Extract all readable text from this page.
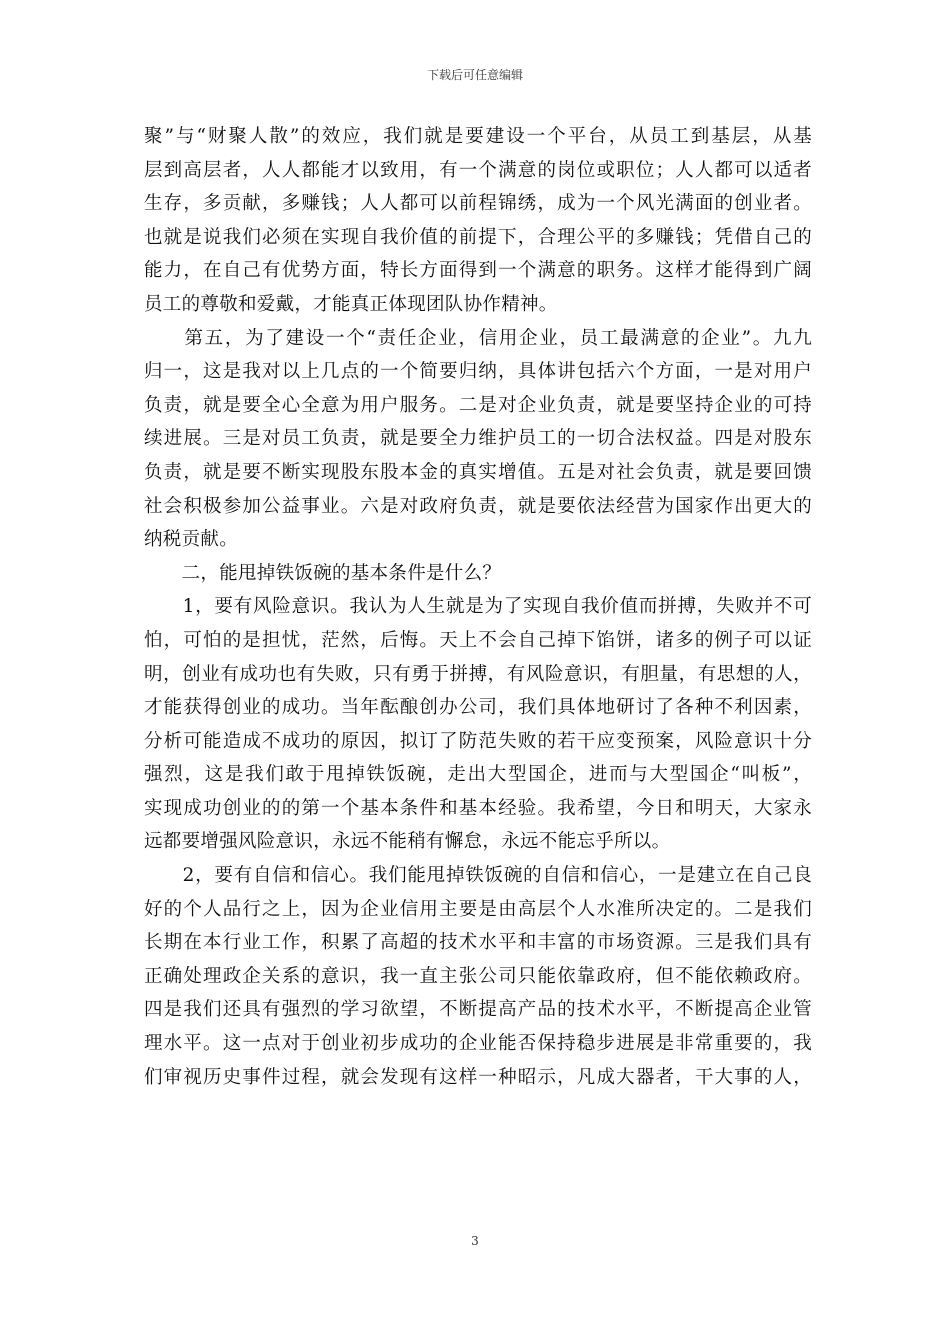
下载后可任意编辑
聚”与“财聚人散”的效应，我们就是要建设一个平台，从员工到基层，从基
层到高层者，人人都能才以致用，有一个满意的岗位或职位；人人都可以适者
生存，多贡献，多赚钱；人人都可以前程锦绣，成为一个风光满面的创业者。
也就是说我们必须在实现自我价值的前提下，合理公平的多赚钱；凭借自己的
能力，在自己有优势方面，特长方面得到一个满意的职务。这样才能得到广阔
员工的尊敬和爱戴，才能真正体现团队协作精神。
　　第五，为了建设一个“责任企业，信用企业，员工最满意的企业”。九九
归一，这是我对以上几点的一个简要归纳，具体讲包括六个方面，一是对用户
负责，就是要全心全意为用户服务。二是对企业负责，就是要坚持企业的可持
续进展。三是对员工负责，就是要全力维护员工的一切合法权益。四是对股东
负责，就是要不断实现股东股本金的真实增值。五是对社会负责，就是要回馈
社会积极参加公益事业。六是对政府负责，就是要依法经营为国家作出更大的
纳税贡献。
　　二，能甩掉铁饭碗的基本条件是什么？
　　1，要有风险意识。我认为人生就是为了实现自我价值而拼搏，失败并不可
怕，可怕的是担忧，茫然，后悔。天上不会自己掉下馅饼，诸多的例子可以证
明，创业有成功也有失败，只有勇于拼搏，有风险意识，有胆量，有思想的人，
才能获得创业的成功。当年酝酿创办公司，我们具体地研讨了各种不利因素，
分析可能造成不成功的原因，拟订了防范失败的若干应变预案，风险意识十分
强烈，这是我们敢于甩掉铁饭碗，走出大型国企，进而与大型国企“叫板”，
实现成功创业的的第一个基本条件和基本经验。我希望，今日和明天，大家永
远都要增强风险意识，永远不能稍有懈怠，永远不能忘乎所以。
　　2，要有自信和信心。我们能甩掉铁饭碗的自信和信心，一是建立在自己良
好的个人品行之上，因为企业信用主要是由高层个人水准所决定的。二是我们
长期在本行业工作，积累了高超的技术水平和丰富的市场资源。三是我们具有
正确处理政企关系的意识，我一直主张公司只能依靠政府，但不能依赖政府。
四是我们还具有强烈的学习欲望，不断提高产品的技术水平，不断提高企业管
理水平。这一点对于创业初步成功的企业能否保持稳步进展是非常重要的，我
们审视历史事件过程，就会发现有这样一种昭示，凡成大器者，干大事的人，
3
